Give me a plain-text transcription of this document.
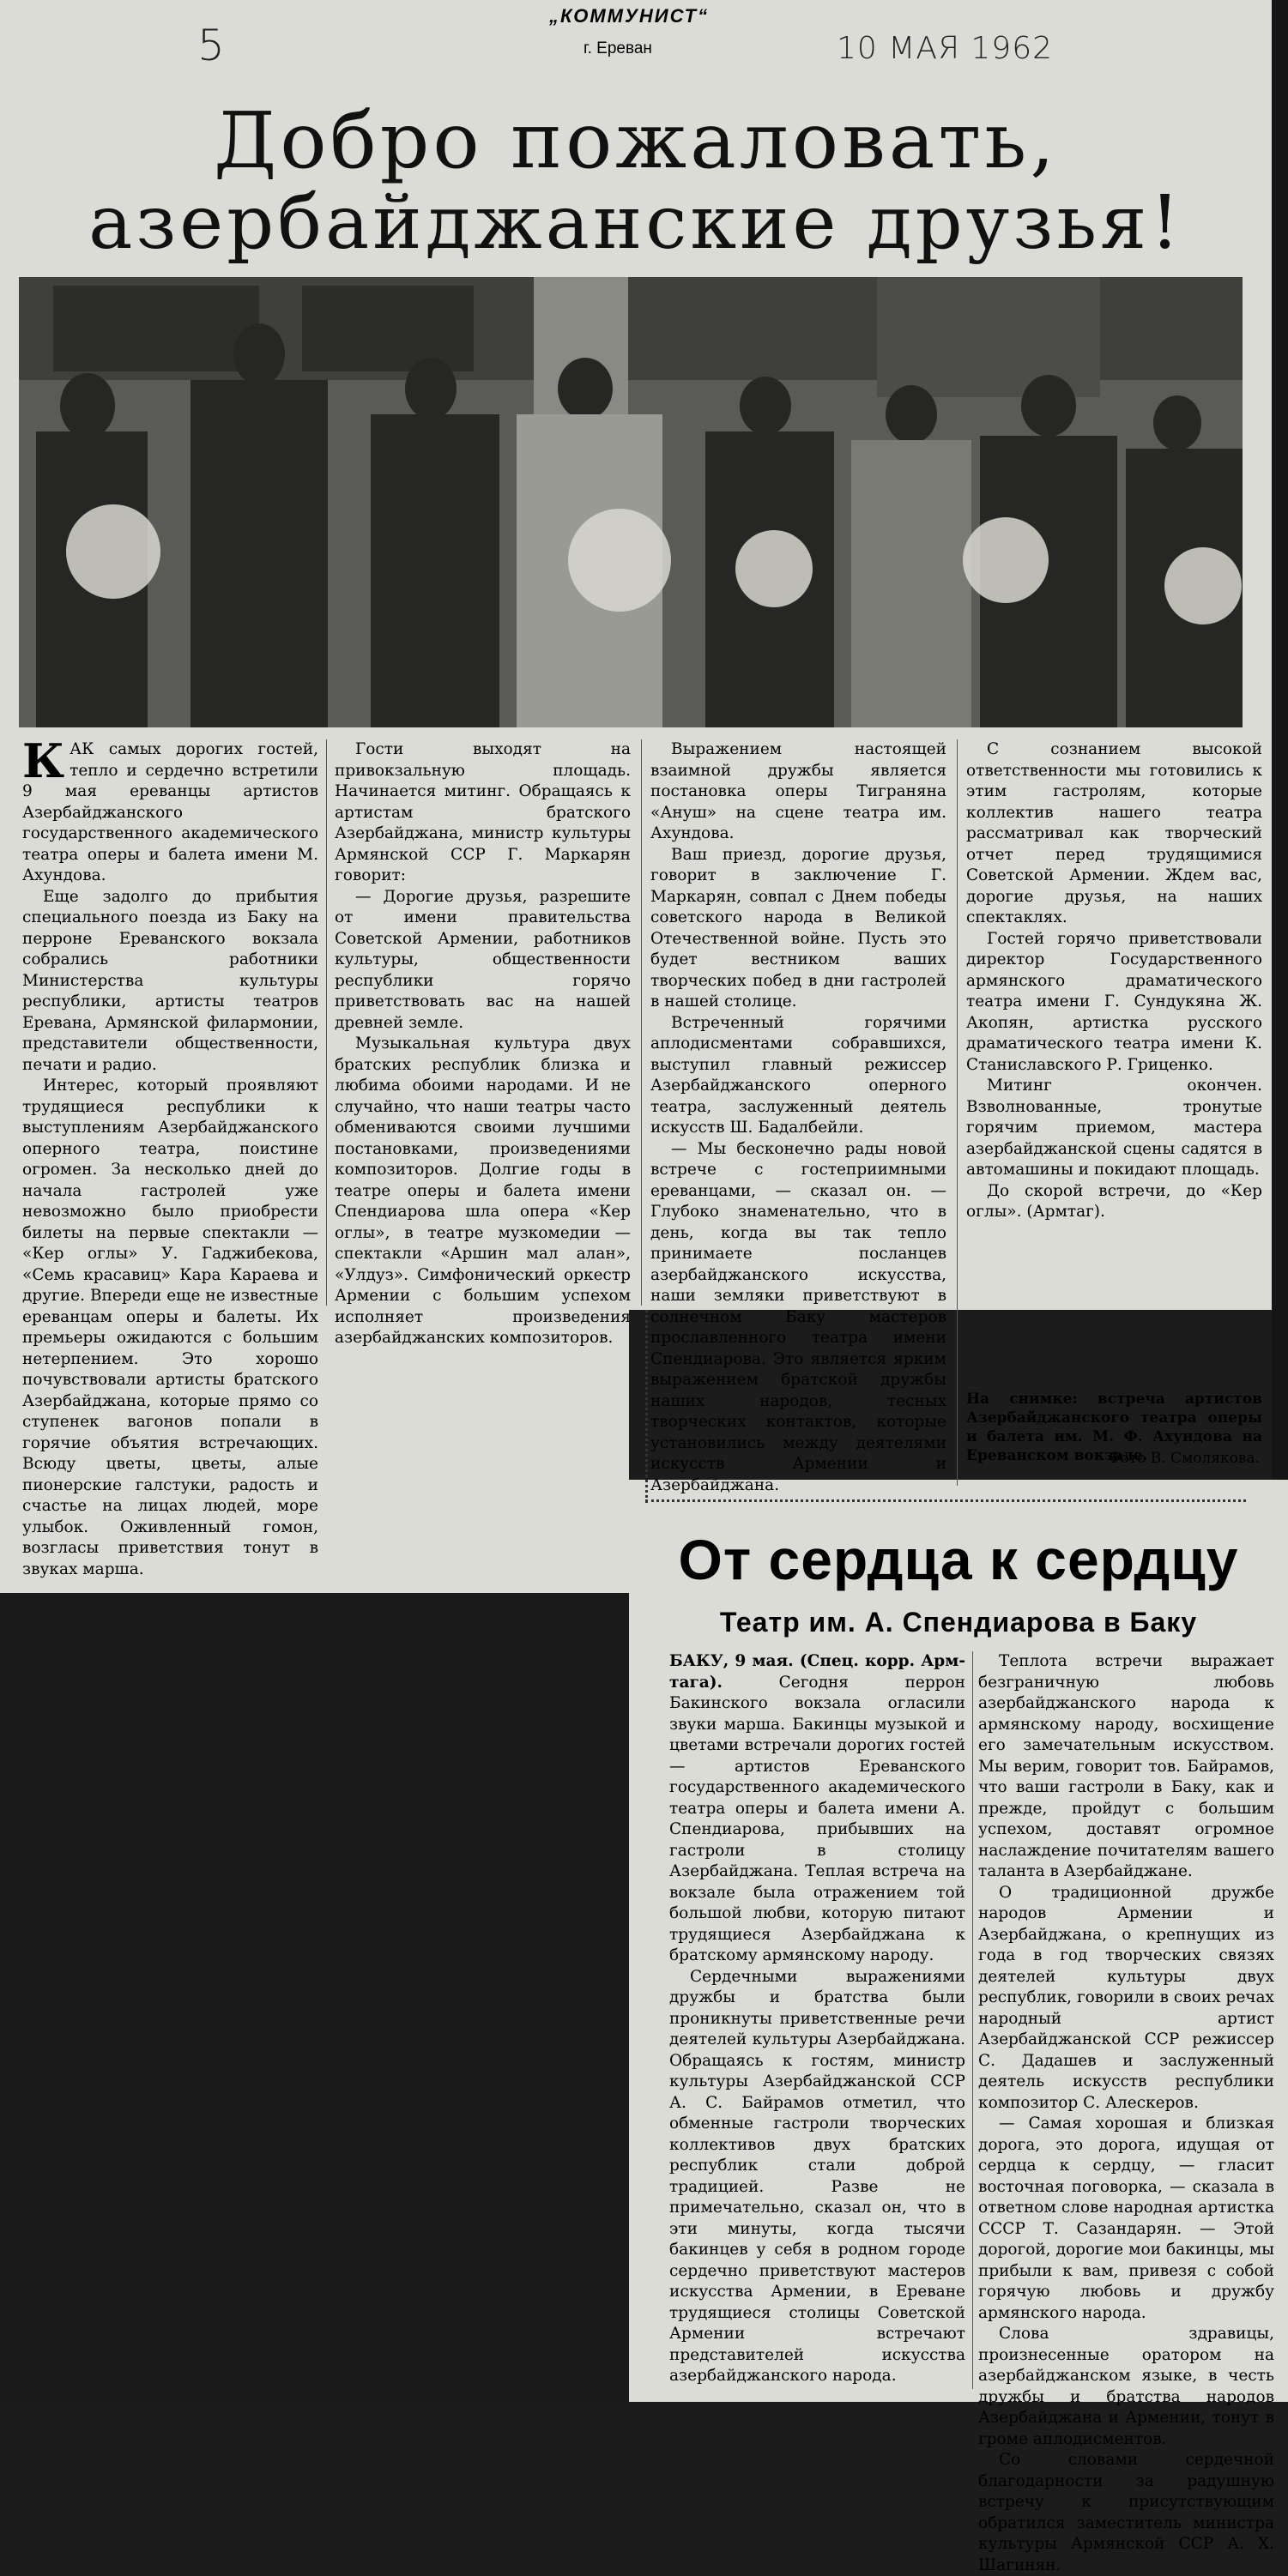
5
„КОММУНИСТ“
г. Ереван	10 МАЯ 1962
Добро пожаловать,
азербайджанские друзья!

КАК самых дорогих гостей, тепло и сердечно встретили 9 мая ереванцы артистов Азербайджанского государственного академического театра оперы и балета имени М. Ахундова.

Еще задолго до прибытия специального поезда из Баку на перроне Ереванского вокзала собрались работники Министерства культуры республики, артисты театров Еревана, Армянской филармонии, представители общественности, печати и радио.

Интерес, который проявляют трудящиеся республики к выступлениям Азербайджанского оперного театра, поистине огромен. За несколько дней до начала гастролей уже невозможно было приобрести билеты на первые спектакли — «Кер оглы» У. Гаджибекова, «Семь красавиц» Кара Караева и другие. Впереди еще не известные ереванцам оперы и балеты. Их премьеры ожидаются с большим нетерпением. Это хорошо почувствовали артисты братского Азербайджана, которые прямо со ступенек вагонов попали в горячие объятия встречающих. Всюду цветы, цветы, алые пионерские галстуки, радость и счастье на лицах людей, море улыбок. Оживленный гомон, возгласы приветствия тонут в звуках марша.

Гости выходят на привокзальную площадь. Начинается митинг. Обращаясь к артистам братского Азербайджана, министр культуры Армянской ССР Г. Маркарян говорит:

— Дорогие друзья, разрешите от имени правительства Советской Армении, работников культуры, общественности республики горячо приветствовать вас на нашей древней земле.

Музыкальная культура двух братских республик близка и любима обоими народами. И не случайно, что наши театры часто обмениваются своими лучшими постановками, произведениями композиторов. Долгие годы в театре оперы и балета имени Спендиарова шла опера «Кер оглы», в театре музкомедии — спектакли «Аршин мал алан», «Улдуз». Симфонический оркестр Армении с большим успехом исполняет произведения азербайджанских композиторов.

Выражением настоящей взаимной дружбы является постановка оперы Тиграняна «Ануш» на сцене театра им. Ахундова.

Ваш приезд, дорогие друзья, говорит в заключение Г. Маркарян, совпал с Днем победы советского народа в Великой Отечественной войне. Пусть это будет вестником ваших творческих побед в дни гастролей в нашей столице.

Встреченный горячими аплодисментами собравшихся, выступил главный режиссер Азербайджанского оперного театра, заслуженный деятель искусств Ш. Бадалбейли.

— Мы бесконечно рады новой встрече с гостеприимными ереванцами, — сказал он. — Глубоко знаменательно, что в день, когда вы так тепло принимаете посланцев азербайджанского искусства, наши земляки приветствуют в солнечном Баку мастеров прославленного театра имени Спендиарова. Это является ярким выражением братской дружбы наших народов, тесных творческих контактов, которые установились между деятелями искусств Армении и Азербайджана.

С сознанием высокой ответственности мы готовились к этим гастролям, которые коллектив нашего театра рассматривал как творческий отчет перед трудящимися Советской Армении. Ждем вас, дорогие друзья, на наших спектаклях.

Гостей горячо приветствовали директор Государственного армянского драматического театра имени Г. Сундукяна Ж. Акопян, артистка русского драматического театра имени К. Станиславского Р. Гриценко.

Митинг окончен. Взволнованные, тронутые горячим приемом, мастера азербайджанской сцены садятся в автомашины и покидают площадь.

До скорой встречи, до «Кер оглы». (Армтаг).

На снимке: встреча артистов Азербайджанского театра оперы и балета им. М. Ф. Ахундова на Ереванском вокзале.
Фото В. Смолякова.
От сердца к сердцу
Театр им. А. Спендиарова в Баку

БАКУ, 9 мая. (Спец. корр. Армтага).	Сегодня перрон Бакинского вокзала огласили звуки марша. Бакинцы музыкой и цветами встречали дорогих гостей — артистов Ереванского государственного академического театра оперы и балета имени А. Спендиарова, прибывших на гастроли в столицу Азербайджана. Теплая встреча на вокзале была отражением той большой любви, которую питают трудящиеся Азербайджана к братскому армянскому народу.

Сердечными выражениями дружбы и братства были проникнуты приветственные речи деятелей культуры Азербайджана. Обращаясь к гостям, министр культуры Азербайджанской ССР А. С. Байрамов отметил, что обменные гастроли творческих коллективов двух братских республик стали доброй традицией. Разве не примечательно, сказал он, что в эти минуты, когда тысячи бакинцев у себя в родном городе сердечно приветствуют мастеров искусства Армении, в Ереване трудящиеся столицы Советской Армении встречают представителей искусства азербайджанского народа.

Теплота встречи выражает безграничную любовь азербайджанского народа к армянскому народу, восхищение его замечательным искусством. Мы верим, говорит тов. Байрамов, что ваши гастроли в Баку, как и прежде, пройдут с большим успехом, доставят огромное наслаждение почитателям вашего таланта в Азербайджане.

О традиционной дружбе народов Армении и Азербайджана, о крепнущих из года в год творческих связях деятелей культуры двух республик, говорили в своих речах народный артист Азербайджанской ССР режиссер С. Дадашев и заслуженный деятель искусств республики композитор С. Алескеров.

— Самая хорошая и близкая дорога, это дорога, идущая от сердца к сердцу, — гласит восточная поговорка, — сказала в ответном слове народная артистка СССР Т. Сазандарян. — Этой дорогой, дорогие мои бакинцы, мы прибыли к вам, привезя с собой горячую любовь и дружбу армянского народа.

Слова здравицы, произнесенные оратором на азербайджанском языке, в честь дружбы и братства народов Азербайджана и Армении, тонут в громе аплодисментов.

Со словами сердечной благодарности за радушную встречу к присутствующим обратился заместитель министра культуры Армянской ССР А. Х. Шагинян.
